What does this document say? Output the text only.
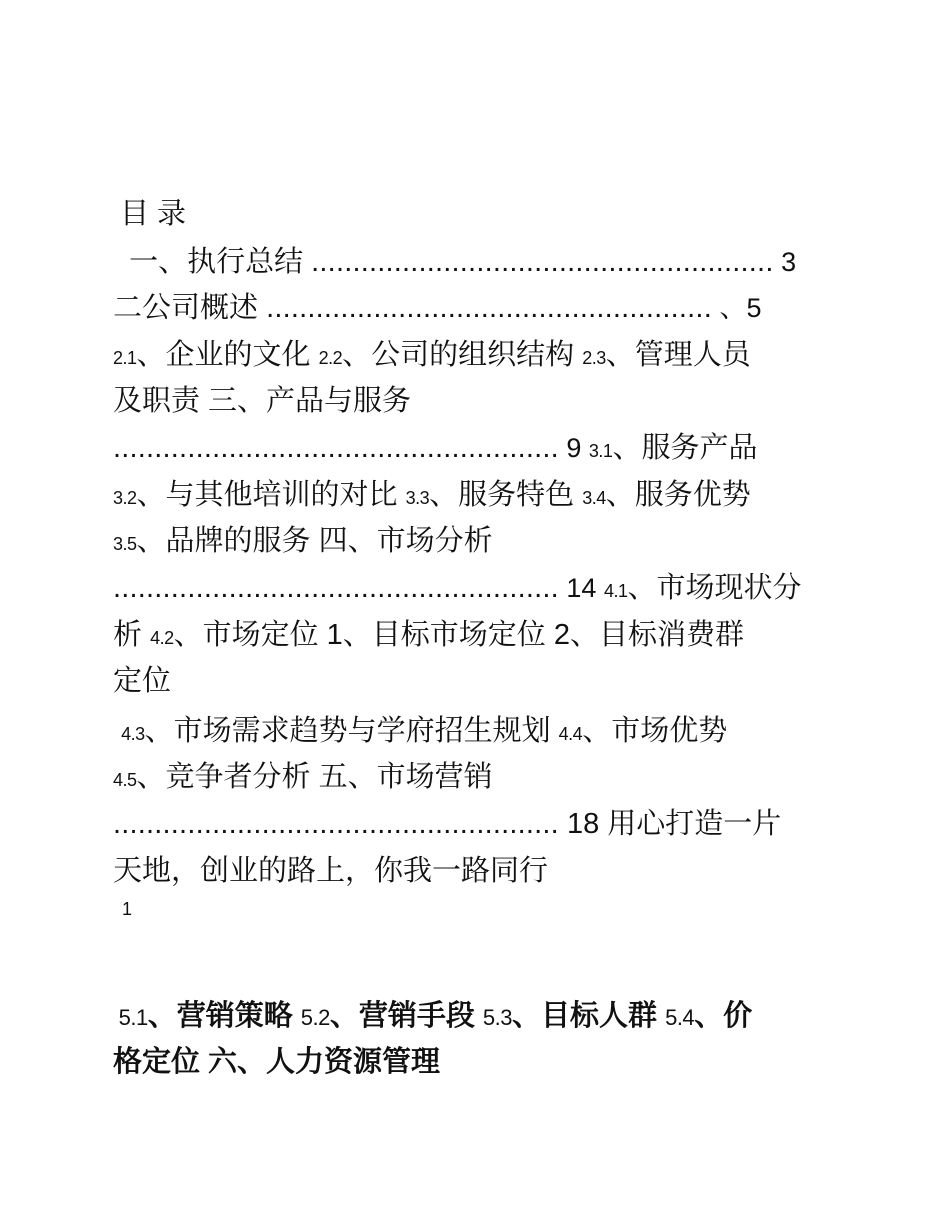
目 录
一、执行总结 ........................................................ 3
二公司概述 ...................................................... 、5
2.1、企业的文化 2.2、公司的组织结构 2.3、管理人员
及职责 三、产品与服务
...................................................... 9 3.1、服务产品
3.2、与其他培训的对比 3.3、服务特色 3.4、服务优势
3.5、品牌的服务 四、市场分析
...................................................... 14 4.1、市场现状分
析 4.2、市场定位 1、目标市场定位 2、目标消费群
定位
4.3、市场需求趋势与学府招生规划 4.4、市场优势
4.5、竞争者分析 五、市场营销
...................................................... 18 用心打造一片
天地，创业的路上，你我一路同行
1
5.1、营销策略 5.2、营销手段 5.3、目标人群 5.4、价
格定位 六、人力资源管理
